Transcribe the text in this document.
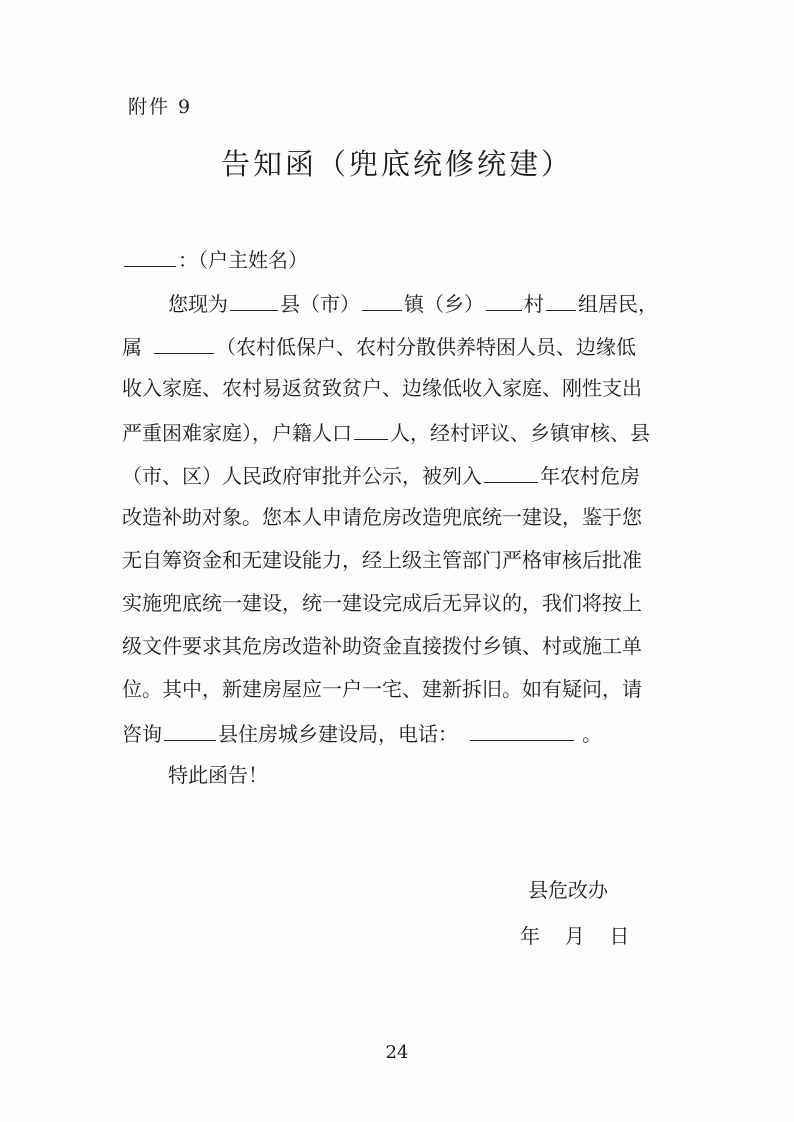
附件 9
告知函（兜底统修统建）
：（户主姓名）
您现为	县（市） 镇（乡） 村 组居民，
属	（农村低保户、农村分散供养特困人员、边缘低
收入家庭、农村易返贫致贫户、边缘低收入家庭、刚性支出
严重困难家庭），户籍人口 人，经村评议、乡镇审核、县
（市、区）人民政府审批并公示，被列入	年农村危房
改造补助对象。您本人申请危房改造兜底统一建设，鉴于您
无自筹资金和无建设能力，经上级主管部门严格审核后批准
实施兜底统一建设，统一建设完成后无异议的，我们将按上
级文件要求其危房改造补助资金直接拨付乡镇、村或施工单
位。其中，新建房屋应一户一宅、建新拆旧。如有疑问，请
咨询	县住房城乡建设局，电话：	。
特此函告！
县危改办
年  月  日
24
